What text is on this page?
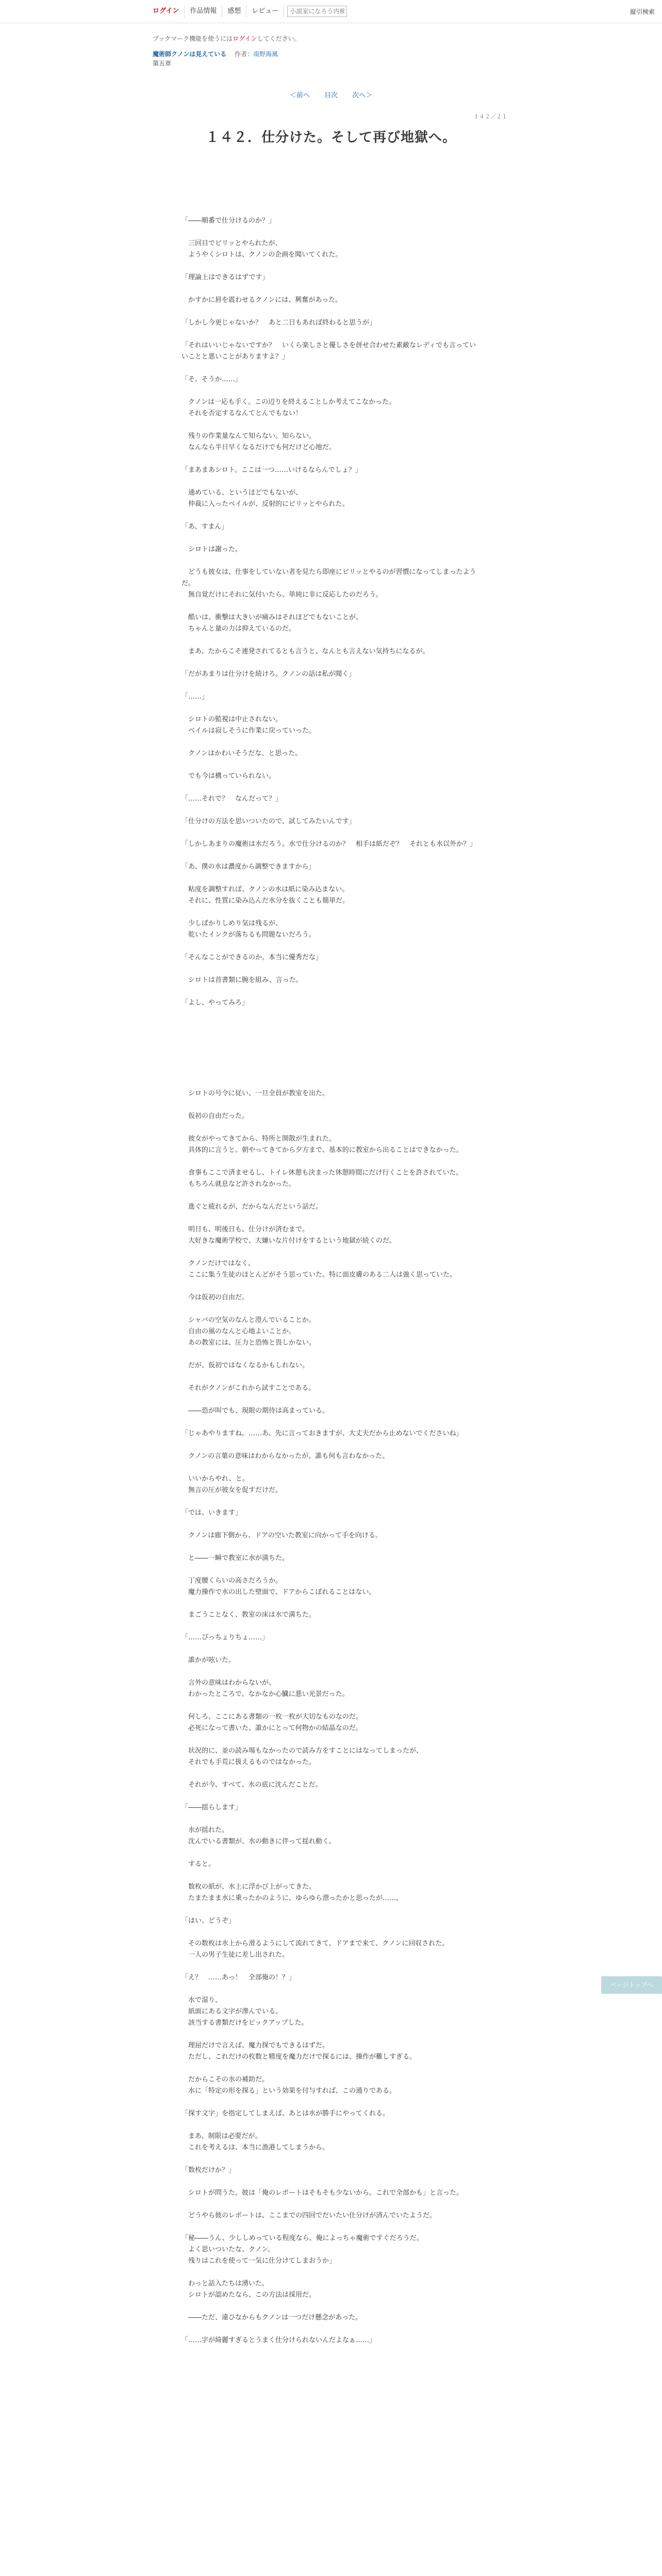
ログイン	作品情報	感想	レビュー
小説家になろう内検索	縦引検索
ブックマーク機能を使うにはログインしてください。
魔術師クノンは見えている 作者：南野海風
第五章
＜前へ 目次 次へ＞
１４２／２１
１４２．仕分けた。そして再び地獄へ。

「――順番で仕分けるのか？」

　三回目でビリッとやられたが、

　ようやくシロトは、クノンの企画を聞いてくれた。

「理論上はできるはずです」

　かすかに唇を震わせるクノンには、興奮があった。

「しかし今更じゃないか？　あと二日もあれば終わると思うが」

「それはいいじゃないですか？　いくら楽しさと優しさを併せ合わせた素敵なレディでも言っていいことと悪いことがありますよ？」

「そ、そうか……」

　クノンは一応も手く。この辺りを終えることしか考えてこなかった。

　それを否定するなんてとんでもない！

　残りの作業量なんて知らない。知らない。

　なんなら半日早くなるだけでも何だけど心地だ。

「まあまあシロト。ここは一つ……いけるならんでしょ？」

　通めている、というほどでもないが、

　仲裁に入ったベイルが、反射的にビリッとやられた。

「あ、すまん」

　シロトは謝った。

　どうも彼女は、仕事をしていない者を見たら即座にビリッとやるのが習慣になってしまったようだ。

　無自覚だけにそれに気付いたら、単純に非に反応したのだろう。

　酷いは、衝撃は大きいが痛みはそれほどでもないことが、

　ちゃんと量の力は抑えているのだ。

　まあ、たからこそ連発されてるとも言うと、なんとも言えない気持ちになるが。

「だがあまりは仕分けを続けろ。クノンの話は私が聞く」

「……」

　シロトの監視は中止されない。

　ベイルは寂しそうに作業に戻っていった。

　クノンはかわいそうだな、と思った。

　でも今は構っていられない。

「……それで？　なんだって？」

「仕分けの方法を思いついたので、試してみたいんです」

「しかしあまりの魔術は水だろう。水で仕分けるのか？　相手は紙だぞ？　それとも水以外か？」

「あ、僕の水は濃度から調整できますから」

　粘度を調整すれば、クノンの水は紙に染み込まない。

　それに、性質に染み込んだ水分を抜くことも簡単だ。

　少しばかりしめり気は残るが、

　乾いたインクが落ちるも問題ないだろう。

「そんなことができるのか。本当に優秀だな」

　シロトは首書類に腕を組み、言った。

「よし、やってみろ」

　シロトの号令に従い、一旦全員が教室を出た。

　仮初の自由だった。

　彼女がやってきてから、特所と開散が生まれた。

　具体的に言うと、朝やってきてから夕方まで、基本的に教室から出ることはできなかった。

　食事もここで済ませるし、トイレ休憩も決まった休憩時間にだけ行くことを許されていた。

　もちろん就息など許されなかった。

　進ぐと疲れるが、だからなんだという話だ。

　明日も、明後日も、仕分けが済むまで。

　大好きな魔術学校で、大嫌いな片付けをするという地獄が続くのだ。

　クノンだけではなく。

　ここに集う生徒のほとんどがそう思っていた。特に面皮膚のある二人は強く思っていた。

　今は仮初の自由だ。

　シャバの空気のなんと澄んでいることか。

　自由の風のなんと心地よいことか。

　あの教室には、圧力と恐怖と畏しかない。

　だが、仮初ではなくなるかもしれない。

　それがクノンがこれから試すことである。

　――恐が叫でも、現眼の期待は高まっている。

「じゃあやりますね。……あ、先に言っておきますが、大丈夫だから止めないでくださいね」

　クノンの言葉の意味はわからなかったが、誰も何も言わなかった。

　いいからやれ、と。

　無言の圧が彼女を促すだけだ。

「では、いきます」

　クノンは廊下側から、ドアの空いた教室に向かって手を向ける。

　と――一瞬で教室に水が満ちた。

　丁度腰くらいの高さだろうか。

　魔力操作で水の出した壁面で、ドアからこぼれることはない。

　まごうことなく、教室の床は水で満ちた。

「……ぴっちょりちょ……」

　誰かが呟いた。

　言外の意味はわからないが、

　わかったところで、なかなか心臓に悪い光景だった。

　何しろ、ここにある書類の一枚一枚が大切なものなのだ。

　必死になって書いた、誰かにとって何物かの結晶なのだ。

　状況的に、並の読み場もなかったので読み方をすことにはなってしまったが、

　それでも手荒に扱えるものではなかった。

　それが今、すべて、水の底に沈んだことだ。

「――揺らします」

　水が揺れた。

　沈んでいる書類が、水の動きに伴って揺れ動く。

　すると。

　数枚の紙が、水上に浮かび上がってきた。

　たまたまま水に乗ったかのように、ゆらゆら漂ったかと思ったが……。

「はい、どうぞ」

　その数枚は水上から滑るようにして流れてきて、ドアまで来て、クノンに回収された。

　一人の男子生徒に差し出された。

「え？　……あっ！　全部俺の！？」

　水で湿り、

　紙面にある文字が滲んでいる。

　該当する書類だけをピックアップした。

　理屈だけで言えば、魔力探でもできるはずだ。

　ただし、これだけの枚数と精度を魔力だけで探るには、操作が難しすぎる。

　だからこその水の補助だ。

　水に「特定の形を探る」という効果を付与すれば、この通りである。

「探す文字」を指定してしまえば、あとは水が勝手にやってくれる。

　まあ、制限は必要だが。

　これを考えるは、本当に漁港してしまうから。

「数枚だけか？」

　シロトが問うた。彼は「俺のレポートはそもそも少ないから。これで全部かも」と言った。

　どうやら彼のレポートは、ここまでの四回でだいたい仕分けが済んでいたようだ。

「秘――うん、少ししめっている程度なら、俺によっちゃ魔術ですぐだろうだ。

　よく思いついたな、クノン。

　残りはこれを使って一気に仕分けてしまおうか」

　わっと話入たちは湧いた。

　シロトが認めたなら、この方法は採用だ。

　――ただ、違ひなからもクノンは一つだけ懸念があった。

「……字が綺麗すぎるとうまく仕分けられないんだよなぁ……」

ページトップへ
